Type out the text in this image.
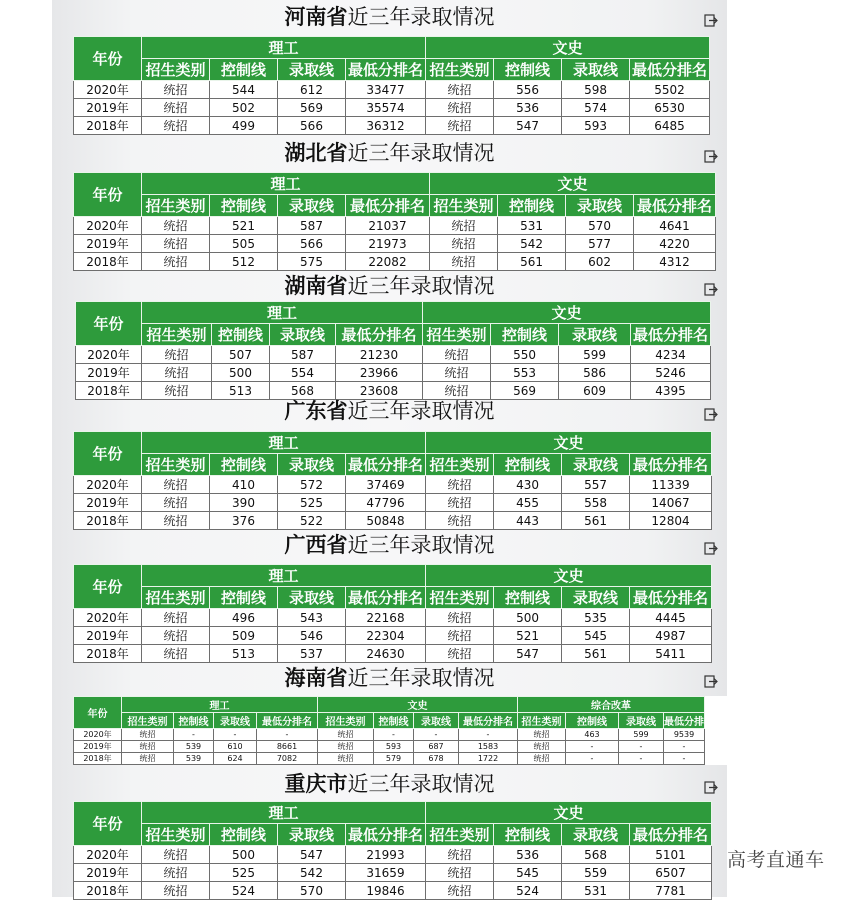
河南省近三年录取情况
年份	理工				文史			
	招生类别	控制线	录取线	最低分排名	招生类别	控制线	录取线	最低分排名
2020年	统招	544	612	33477	统招	556	598	5502
2019年	统招	502	569	35574	统招	536	574	6530
2018年	统招	499	566	36312	统招	547	593	6485
湖北省近三年录取情况
年份	理工				文史			
	招生类别	控制线	录取线	最低分排名	招生类别	控制线	录取线	最低分排名
2020年	统招	521	587	21037	统招	531	570	4641
2019年	统招	505	566	21973	统招	542	577	4220
2018年	统招	512	575	22082	统招	561	602	4312
湖南省近三年录取情况
年份	理工				文史			
	招生类别	控制线	录取线	最低分排名	招生类别	控制线	录取线	最低分排名
2020年	统招	507	587	21230	统招	550	599	4234
2019年	统招	500	554	23966	统招	553	586	5246
2018年	统招	513	568	23608	统招	569	609	4395
广东省近三年录取情况
年份	理工				文史			
	招生类别	控制线	录取线	最低分排名	招生类别	控制线	录取线	最低分排名
2020年	统招	410	572	37469	统招	430	557	11339
2019年	统招	390	525	47796	统招	455	558	14067
2018年	统招	376	522	50848	统招	443	561	12804
广西省近三年录取情况
年份	理工				文史			
	招生类别	控制线	录取线	最低分排名	招生类别	控制线	录取线	最低分排名
2020年	统招	496	543	22168	统招	500	535	4445
2019年	统招	509	546	22304	统招	521	545	4987
2018年	统招	513	537	24630	统招	547	561	5411
海南省近三年录取情况
年份	理工				文史				综合改革			
	招生类别	控制线	录取线	最低分排名	招生类别	控制线	录取线	最低分排名	招生类别	控制线	录取线	最低分排名
2020年	统招	-	-	-	统招	-	-	-	统招	463	599	9539
2019年	统招	539	610	8661	统招	593	687	1583	统招	-	-	-
2018年	统招	539	624	7082	统招	579	678	1722	统招	-	-	-
重庆市近三年录取情况
年份	理工				文史			
	招生类别	控制线	录取线	最低分排名	招生类别	控制线	录取线	最低分排名
2020年	统招	500	547	21993	统招	536	568	5101
2019年	统招	525	542	31659	统招	545	559	6507
2018年	统招	524	570	19846	统招	524	531	7781
高考直通车
